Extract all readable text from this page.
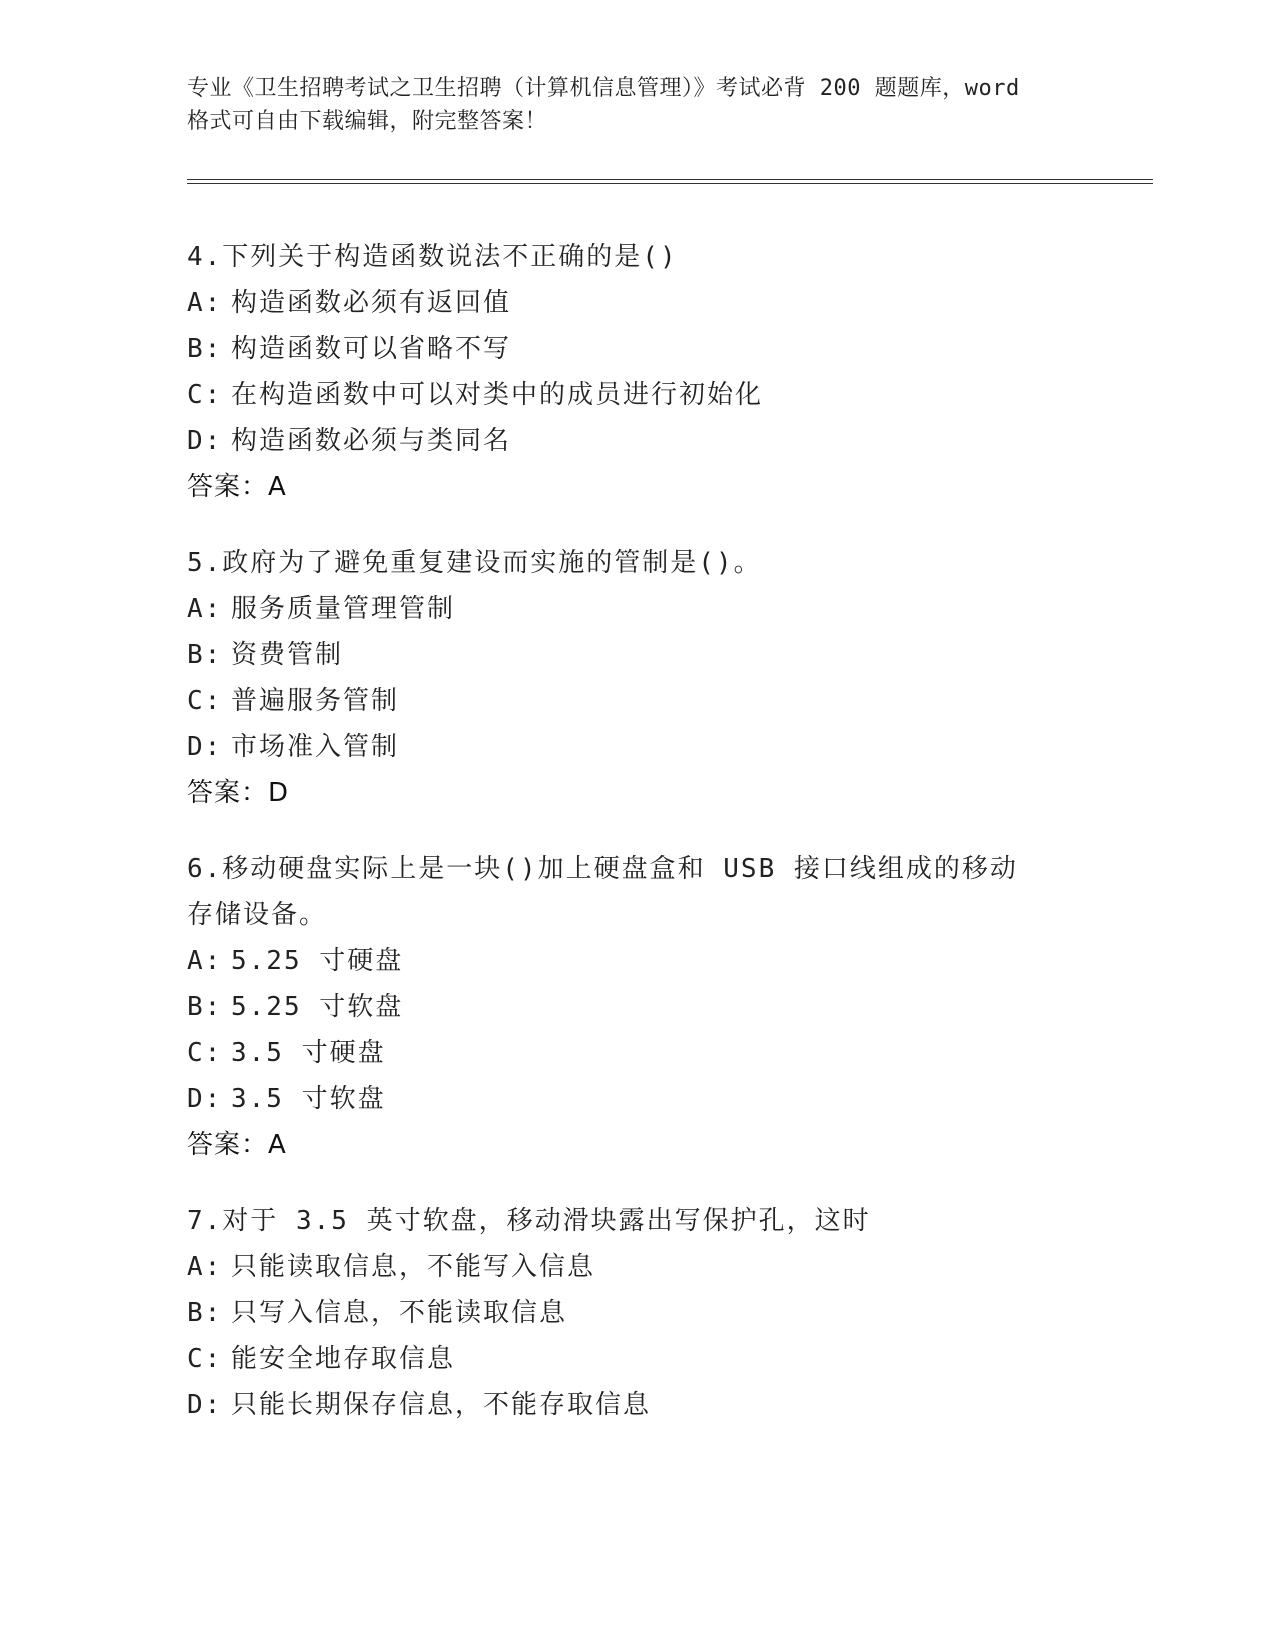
专业《卫生招聘考试之卫生招聘（计算机信息管理）》考试必背 200 题题库，word
格式可自由下载编辑，附完整答案！
4.下列关于构造函数说法不正确的是()
A: 构造函数必须有返回值
B: 构造函数可以省略不写
C: 在构造函数中可以对类中的成员进行初始化
D: 构造函数必须与类同名
答案：A
5.政府为了避免重复建设而实施的管制是()。
A: 服务质量管理管制
B: 资费管制
C: 普遍服务管制
D: 市场准入管制
答案：D
6.移动硬盘实际上是一块()加上硬盘盒和 USB 接口线组成的移动存储设备。
A: 5.25 寸硬盘
B: 5.25 寸软盘
C: 3.5 寸硬盘
D: 3.5 寸软盘
答案：A
7.对于 3.5 英寸软盘，移动滑块露出写保护孔，这时
A: 只能读取信息，不能写入信息
B: 只写入信息，不能读取信息
C: 能安全地存取信息
D: 只能长期保存信息，不能存取信息
